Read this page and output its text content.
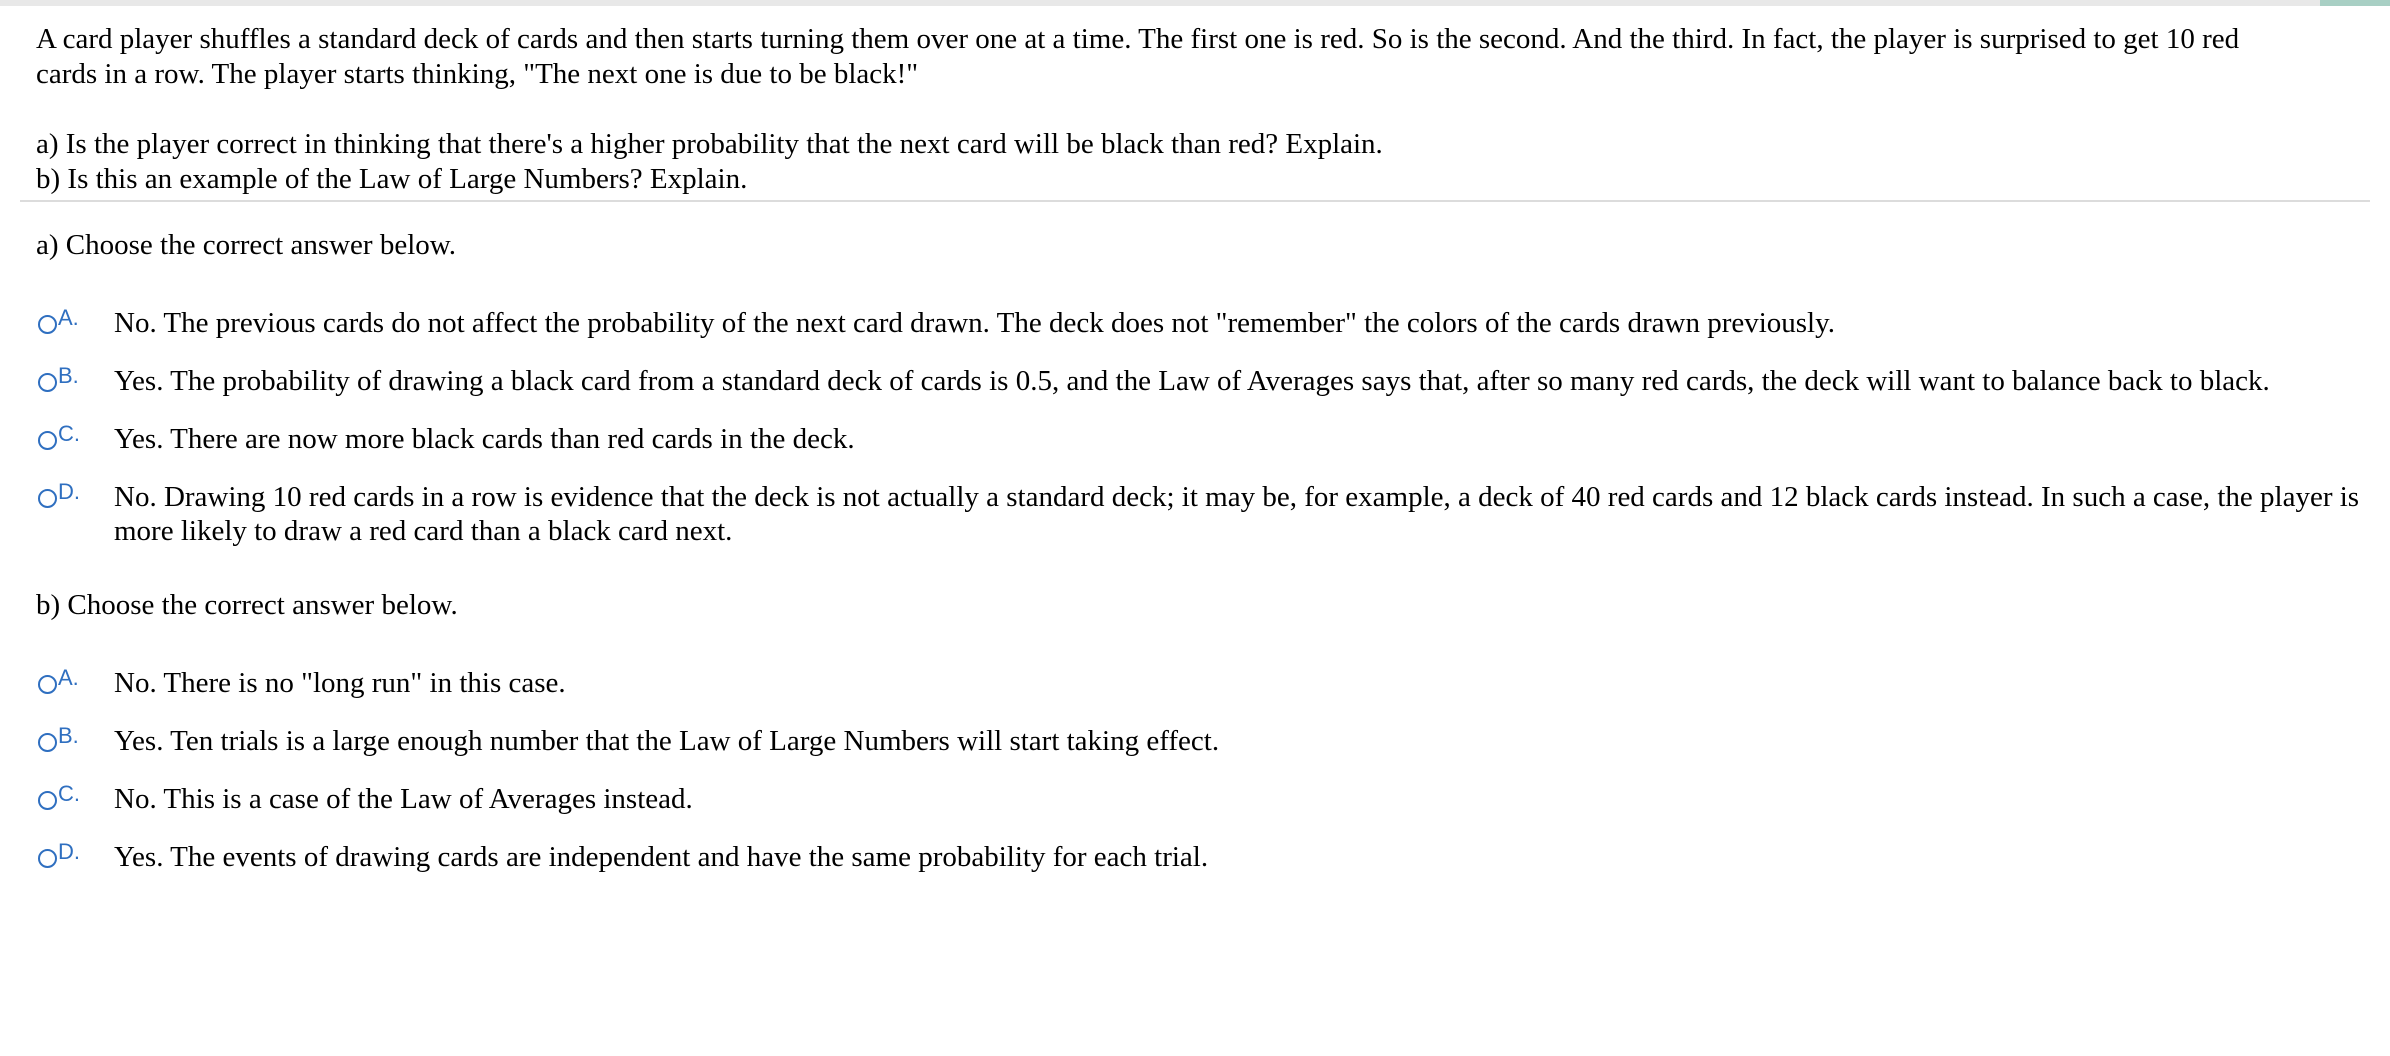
A card player shuffles a standard deck of cards and then starts turning them over one at a time. The first one is red. So is the second. And the third. In fact, the player is surprised to get 10 red

cards in a row. The player starts thinking, "The next one is due to be black!"

a) Is the player correct in thinking that there's a higher probability that the next card will be black than red? Explain.

b) Is this an example of the Law of Large Numbers? Explain.

a) Choose the correct answer below.

A.	No. The previous cards do not affect the probability of the next card drawn. The deck does not "remember" the colors of the cards drawn previously.
B.	Yes. The probability of drawing a black card from a standard deck of cards is 0.5, and the Law of Averages says that, after so many red cards, the deck will want to balance back to black.
C.	Yes. There are now more black cards than red cards in the deck.
D.	No. Drawing 10 red cards in a row is evidence that the deck is not actually a standard deck; it may be, for example, a deck of 40 red cards and 12 black cards instead. In such a case, the player is more likely to draw a red card than a black card next.

b) Choose the correct answer below.

A.	No. There is no "long run" in this case.
B.	Yes. Ten trials is a large enough number that the Law of Large Numbers will start taking effect.
C.	No. This is a case of the Law of Averages instead.
D.	Yes. The events of drawing cards are independent and have the same probability for each trial.
